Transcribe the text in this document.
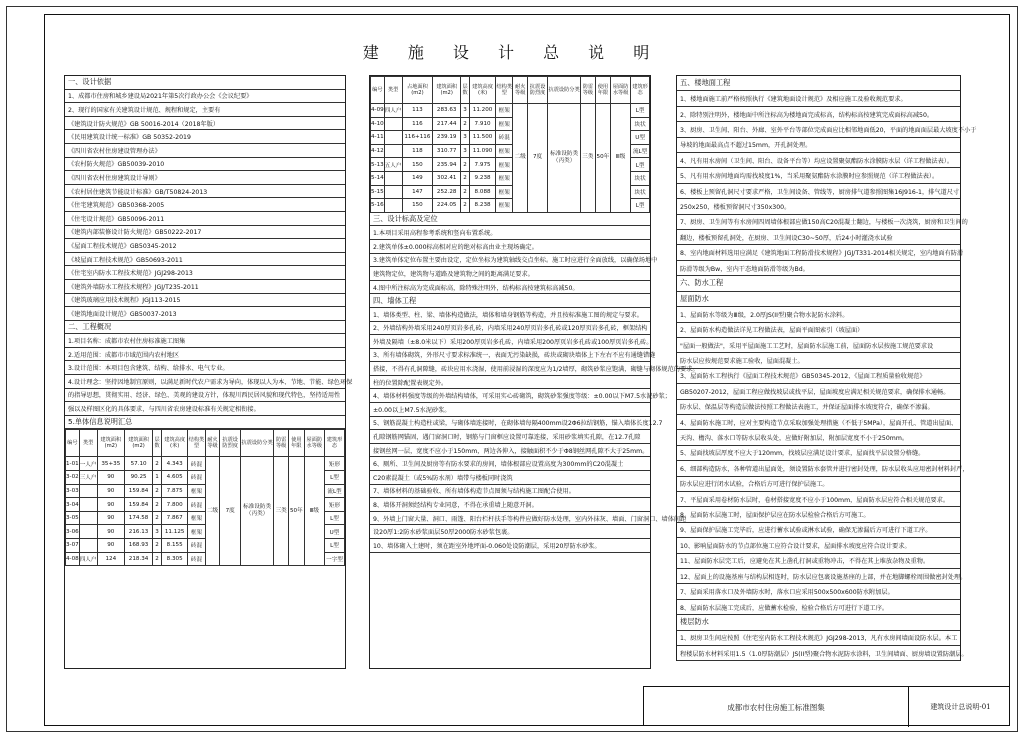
建 施 设 计 总 说 明
一、设计依据
1、成都市住房和城乡建设局2021年第5次行政办公会《会议纪要》
2、现行的国家有关建筑设计规范、规程和规定，主要有
《建筑设计防火规范》GB 50016-2014（2018年版）
《民用建筑设计统一标准》GB 50352-2019
《四川省农村住房建设管理办法》
《农村防火规范》GB50039-2010
《四川省农村住房建筑设计导则》
《农村居住建筑节能设计标准》GB/T50824-2013
《住宅建筑规范》GB50368-2005
《住宅设计规范》GB50096-2011
《建筑内部装修设计防火规范》GB50222-2017
《屋面工程技术规范》GB50345-2012
《坡屋面工程技术规范》GB50693-2011
《住宅室内防水工程技术规范》JGJ298-2013
《建筑外墙防水工程技术规程》JGJ/T235-2011
《建筑玻璃应用技术规程》JGJ113-2015
《建筑地面设计规范》GB50037-2013
二、工程概况
1.项目名称：成都市农村住房标准施工图集
2.适用范围：成都市市域范围内农村地区
3.设计范围：本项目包含建筑、结构、给排水、电气专业。
4.设计理念：坚持因地制宜原则，以满足新时代农户需求为导向，体现以人为本、节地、节能、绿色环保
的指导思想，贯彻实用、经济、绿色、美观的建设方针，体现川西民居风貌和现代特色，坚持适用性
强以及样图区化的具体要求，与四川省农房建设标准有关规定相衔接。
5.单体信息说明汇总
编号	类型	建筑面积(m2)	建筑面积(m2)	层数	建筑高度(米)	结构类型	耐火等级	抗震设防烈度	抗震设防分类	防雷等级	使用年限	屋面防水等级	建筑形态
1-01	一人户	35+35	57.10	2	4.343	砖混	二级	7度	标准设防类（丙类）	三类	50年	Ⅲ级	矩形
3-02	三人户	90	90.25	1	4.605	砖混							L型
3-03		90	159.84	2	7.875	框架							流L型
3-04		90	159.84	2	7.800	砖混							矩形
3-05		90	174.58	2	7.867	框架							L型
3-06		90	216.13	3	11.125	框架							U型
3-07		90	168.93	2	8.155	砖混							L型
4-08	四人户	124	218.34	2	8.305	砖混							一字型
编号	类型	占地面积(m2)	建筑面积(m2)	层数	建筑高度(米)	结构类型	耐火等级	抗震设防烈度	抗震设防分类	防雷等级	使用年限	屋面防水等级	建筑形态
4-09	四人户	113	283.63	3	11.200	框架	二级	7度	标准设防类（丙类）	三类	50年	Ⅲ级	L型
4-10		116	217.44	2	7.910	框架							块状
4-11		116+116	239.19	3	11.500	砖混							U型
4-12		118	310.77	3	11.090	框架							流L型
5-13	五人户	150	235.94	2	7.975	框架							L型
5-14		149	302.41	2	9.238	框架							块状
5-15		147	252.28	2	8.088	框架							块状
5-16		150	224.05	2	8.238	框架							L型
三、设计标高及定位
1.本项目采用高程参考系统和竖向布置系统。
2.建筑单体±0.000标高相对应的绝对标高由业主现场确定。
3.建筑单体定位布置主要由设定，定位坐标为建筑轴线交点坐标。施工时应进行全面放线，以确保场地中
建筑物定位，建筑物与道路及建筑物之间的距离满足要求。
4.图中所注标高为完成面标高，除特殊注明外，结构标高按建筑标高减50。
四、墙体工程
1、墙体类型、柱、梁、墙体构造做法，墙体和墙身钢筋等构造，并且按标准施工图的规定与要求。
2、外墙结构外墙采用240厚页岩多孔砖，内墙采用240厚页岩多孔砖或120厚页岩多孔砖，框架结构
外墙及隔墙（±8.0米以下）采用200厚页岩多孔砖，内墙采用200厚页岩多孔砖或100厚页岩多孔砖。
3、所有墙体砌筑，外形尺寸要求标准统一，表面无污染缺损，砖块或砌块墙体上下左右不应有通缝错缝
搭接，不得有孔洞隙缝，砖块应用水浇湿，使用前浸湿的深度应为1/2墙厚，砌筑砂浆应饱满，砌缝与砌体规范的要求。
柱的位置除配置表规定外。
4、墙体材料强度等级的外墙结构墙体，可采用实心砖砌筑，砌筑砂浆强度等级：±0.00以下M7.5水泥砂浆；
±0.00以上M7.5水泥砂浆。
5、钢筋混凝土构造柱或梁，与砌体墙连接时，在砌体墙每隔400mm设2Φ6拉结钢筋，锚入墙体长度12.7
孔隙钢筋网锚固，遇门窗洞口时，钢筋与门窗框应设置可靠连接，采用砂浆填实孔隙，在12.7孔隙
接钢丝网一层，宽度不应小于150mm，两边各伸入，接触面积不少于Φ8钢丝网孔隙不大于25mm。
6、厕所、卫生间及厨房等有防水要求的房间，墙体根部应设置高度为300mm的C20混凝土
C20素混凝土（或5%防水剂）墙带与楼板同时浇筑
7、墙体材料的基础验收、所有墙体构造节点图须与结构施工图配合使用。
8、墙体开洞须经结构专业同意，不得在承重墙上随意开洞。
9、外墙上门窗大量、洞口、雨篷、阳台栏杆扶手等构件应做好防水处理，室内外抹灰、墙面、门窗洞口、墙体间距
设20厚1:2防水砂浆面层50厚2000防水砂浆包裹。
10、墙体砌入土建时，须在距室外地坪面-0.060处设防潮层，采用20厚防水砂浆。
五、楼地面工程
1、楼地面施工前严格按照执行《建筑地面设计规范》及相应施工及验收规范要求。
2、除特别注明外，楼地面中所注标高为楼地面完成标高，结构标高按建筑完成面标高减50。
3、厨房、卫生间、阳台、外廊、室外平台等部位完成面应比相邻地面低20，平面的地面面层最大坡度不小于
导坡的地面最高点不超过15mm，开孔洞处理。
4、凡有用水房间（卫生间、阳台、设备平台等）均应设置聚氨酯防水涂膜防水层（详工程做法表）。
5、凡有用水房间地面均需找坡度1%，当采用聚氨酯防水涂膜时应参照规范（详工程做法表）。
6、楼板上预留孔洞尺寸要求严格，卫生间设备、管线等，厨房排气道参照图集16J916-1，排气道尺寸
250x250，楼板预留洞尺寸350x300。
7、厨房、卫生间等有水房间四周墙体根部应做150高C20混凝土翻边，与楼板一次浇筑，厨房和卫生间的
翻边，楼板预留孔洞处，在厨房、卫生间设C30~50厚，后24小时灌浇水试验
8、室内地面材料选用应满足《建筑地面工程防滑技术规程》JGJ/T331-2014相关规定，室内地面有防滑
防滑等级为Bw，室内干态地面防滑等级为Bd。
六、防水工程
屋面防水
1、屋面防水等级为Ⅲ级，2.0厚JS(II型)聚合物水泥防水涂料。
2、屋面防水构造做法详见工程做法表，屋面平面图索引（坡屋面）
"屋面一般做法"，采用平屋面施工工艺时，屋面防水层施工前，屋面防水层按施工规范要求设
防水层应按规范要求施工验收，屋面混凝土。
3、屋面防水工程执行《屋面工程技术规范》GB50345-2012、《屋面工程质量验收规范》
GB50207-2012，屋面工程应做找坡层或找平层，屋面坡度应满足相关规范要求，确保排水通畅。
防水层、保温层等构造层做法按照工程做法表施工，并保证屋面排水坡度符合，确保不渗漏。
4、屋面防水施工时，应对主要构造节点采取加强处理措施（不低于5MPa），屋面开孔、管道出屋面、
天沟、檐沟、落水口等防水层收头处，应做好附加层，附加层宽度不小于250mm。
5、屋面找坡层厚度不应大于120mm，找坡层应满足设计要求，屋面找平层设置分格缝。
6、细部构造防水，各种管道出屋面处，须设置防水套管并进行密封处理，防水层收头应用密封材料封严，
防水层应进行闭水试验，合格后方可进行保护层施工。
7、平屋面采用卷材防水层时，卷材搭接宽度不应小于100mm，屋面防水层应符合相关规范要求。
8、屋面防水层施工时，屋面保护层应在防水层检验合格后方可施工。
9、屋面保护层施工完毕后，应进行蓄水试验或淋水试验，确保无渗漏后方可进行下道工序。
10、影响屋面防水的节点部位施工应符合设计要求，屋面排水坡度应符合设计要求。
11、屋面防水层完工后，应避免在其上凿孔打洞或重物冲击，不得在其上堆放杂物及重物。
12、屋面上的设施基座与结构层相连时，防水层应包裹设施基座的上部，并在地脚螺栓周围做密封处理。
7、屋面采用落水口及外墙防水时，落水口应采用500x500x600防水附加层。
8、屋面防水层施工完成后，应做蓄水检验，检验合格后方可进行下道工序。
楼层防水
1、厨房卫生间应按照《住宅室内防水工程技术规范》JGJ298-2013，凡有水房间墙面设防水层。本工
程楼层防水材料采用1.5（1.0厚防潮层）JS(II型)聚合物水泥防水涂料，卫生间墙面、厨房墙设置防潮层。
成都市农村住房施工标准图集	建筑设计总说明-01
